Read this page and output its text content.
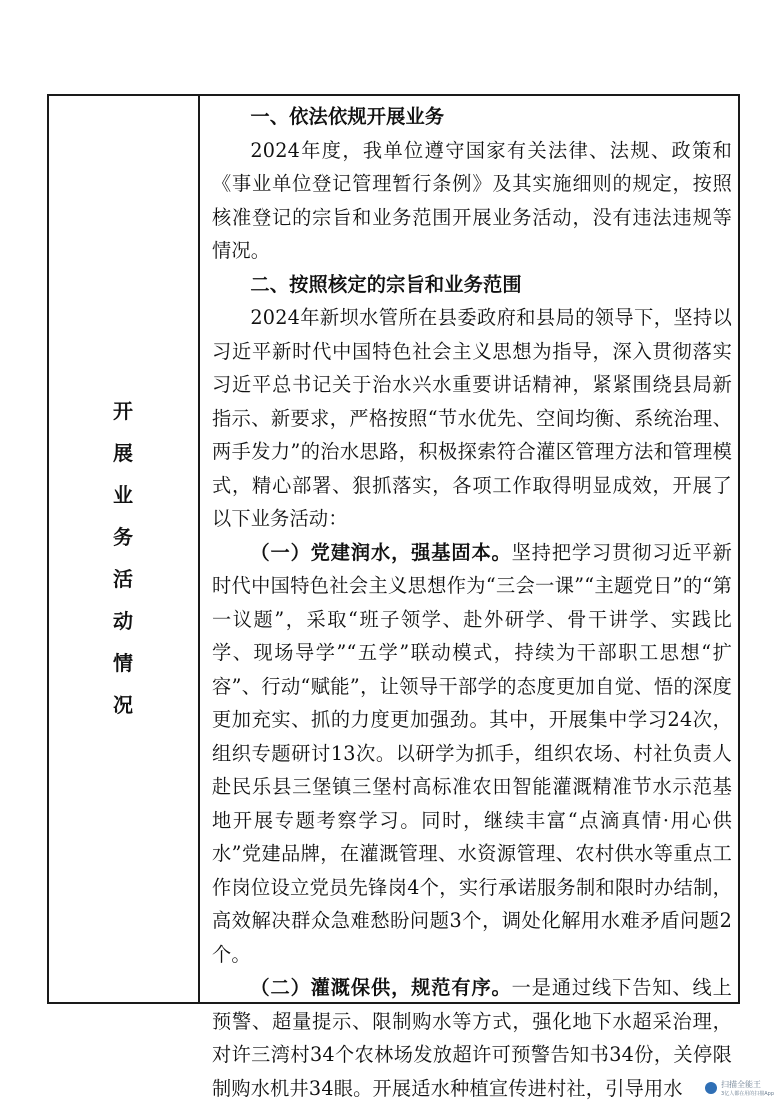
开
展
业
务
活
动
情
况

一、依法依规开展业务

2024年度，我单位遵守国家有关法律、法规、政策和《事业单位登记管理暂行条例》及其实施细则的规定，按照核准登记的宗旨和业务范围开展业务活动，没有违法违规等情况。

二、按照核定的宗旨和业务范围

2024年新坝水管所在县委政府和县局的领导下，坚持以习近平新时代中国特色社会主义思想为指导，深入贯彻落实习近平总书记关于治水兴水重要讲话精神，紧紧围绕县局新指示、新要求，严格按照“节水优先、空间均衡、系统治理、两手发力”的治水思路，积极探索符合灌区管理方法和管理模式，精心部署、狠抓落实，各项工作取得明显成效，开展了以下业务活动：

（一）党建润水，强基固本。坚持把学习贯彻习近平新时代中国特色社会主义思想作为“三会一课”“主题党日”的“第一议题”，采取“班子领学、赴外研学、骨干讲学、实践比学、现场导学”“五学”联动模式，持续为干部职工思想“扩容”、行动“赋能”，让领导干部学的态度更加自觉、悟的深度更加充实、抓的力度更加强劲。其中，开展集中学习24次，组织专题研讨13次。以研学为抓手，组织农场、村社负责人赴民乐县三堡镇三堡村高标准农田智能灌溉精准节水示范基地开展专题考察学习。同时，继续丰富“点滴真情·用心供水”党建品牌，在灌溉管理、水资源管理、农村供水等重点工作岗位设立党员先锋岗4个，实行承诺服务制和限时办结制，高效解决群众急难愁盼问题3个，调处化解用水难矛盾问题2个。

（二）灌溉保供，规范有序。一是通过线下告知、线上预警、超量提示、限制购水等方式，强化地下水超采治理，对许三湾村34个农林场发放超许可预警告知书34份，关停限制购水机井34眼。开展适水种植宣传进村社，引导用水	扫描全能王
3亿人都在用的扫描App
